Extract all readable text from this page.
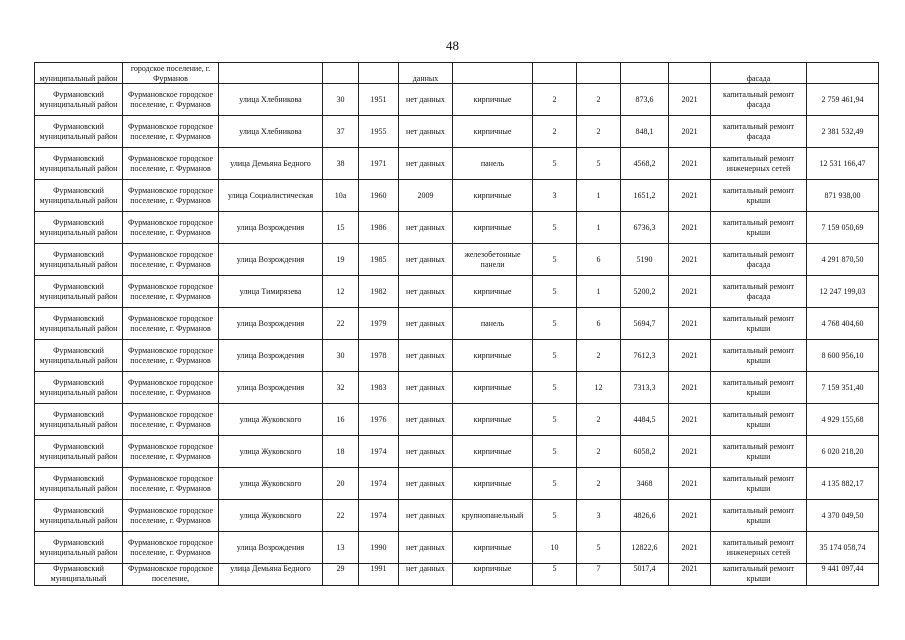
48
муниципальный район	городское поселение, г. Фурманов				данных						фасада	
Фурмановский муниципальный район	Фурмановское городское поселение, г. Фурманов	улица Хлебникова	30	1951	нет данных	кирпичные	2	2	873,6	2021	капитальный ремонт фасада	2 759 461,94
Фурмановский муниципальный район	Фурмановское городское поселение, г. Фурманов	улица Хлебникова	37	1955	нет данных	кирпичные	2	2	848,1	2021	капитальный ремонт фасада	2 381 532,49
Фурмановский муниципальный район	Фурмановское городское поселение, г. Фурманов	улица Демьяна Бедного	38	1971	нет данных	панель	5	5	4568,2	2021	капитальный ремонт инженерных сетей	12 531 166,47
Фурмановский муниципальный район	Фурмановское городское поселение, г. Фурманов	улица Социалистическая	10а	1960	2009	кирпичные	3	1	1651,2	2021	капитальный ремонт крыши	871 938,00
Фурмановский муниципальный район	Фурмановское городское поселение, г. Фурманов	улица Возрождения	15	1986	нет данных	кирпичные	5	1	6736,3	2021	капитальный ремонт крыши	7 159 050,69
Фурмановский муниципальный район	Фурмановское городское поселение, г. Фурманов	улица Возрождения	19	1985	нет данных	железобетонные панели	5	6	5190	2021	капитальный ремонт фасада	4 291 870,50
Фурмановский муниципальный район	Фурмановское городское поселение, г. Фурманов	улица Тимирязева	12	1982	нет данных	кирпичные	5	1	5200,2	2021	капитальный ремонт фасада	12 247 199,03
Фурмановский муниципальный район	Фурмановское городское поселение, г. Фурманов	улица Возрождения	22	1979	нет данных	панель	5	6	5694,7	2021	капитальный ремонт крыши	4 768 404,60
Фурмановский муниципальный район	Фурмановское городское поселение, г. Фурманов	улица Возрождения	30	1978	нет данных	кирпичные	5	2	7612,3	2021	капитальный ремонт крыши	8 600 956,10
Фурмановский муниципальный район	Фурмановское городское поселение, г. Фурманов	улица Возрождения	32	1983	нет данных	кирпичные	5	12	7313,3	2021	капитальный ремонт крыши	7 159 351,40
Фурмановский муниципальный район	Фурмановское городское поселение, г. Фурманов	улица Жуковского	16	1976	нет данных	кирпичные	5	2	4484,5	2021	капитальный ремонт крыши	4 929 155,68
Фурмановский муниципальный район	Фурмановское городское поселение, г. Фурманов	улица Жуковского	18	1974	нет данных	кирпичные	5	2	6058,2	2021	капитальный ремонт крыши	6 020 218,20
Фурмановский муниципальный район	Фурмановское городское поселение, г. Фурманов	улица Жуковского	20	1974	нет данных	кирпичные	5	2	3468	2021	капитальный ремонт крыши	4 135 882,17
Фурмановский муниципальный район	Фурмановское городское поселение, г. Фурманов	улица Жуковского	22	1974	нет данных	крупнопанельный	5	3	4826,6	2021	капитальный ремонт крыши	4 370 049,50
Фурмановский муниципальный район	Фурмановское городское поселение, г. Фурманов	улица Возрождения	13	1990	нет данных	кирпичные	10	5	12822,6	2021	капитальный ремонт инженерных сетей	35 174 058,74
Фурмановский муниципальный	Фурмановское городское поселение,	улица Демьяна Бедного	29	1991	нет данных	кирпичные	5	7	5017,4	2021	капитальный ремонт крыши	9 441 097,44
